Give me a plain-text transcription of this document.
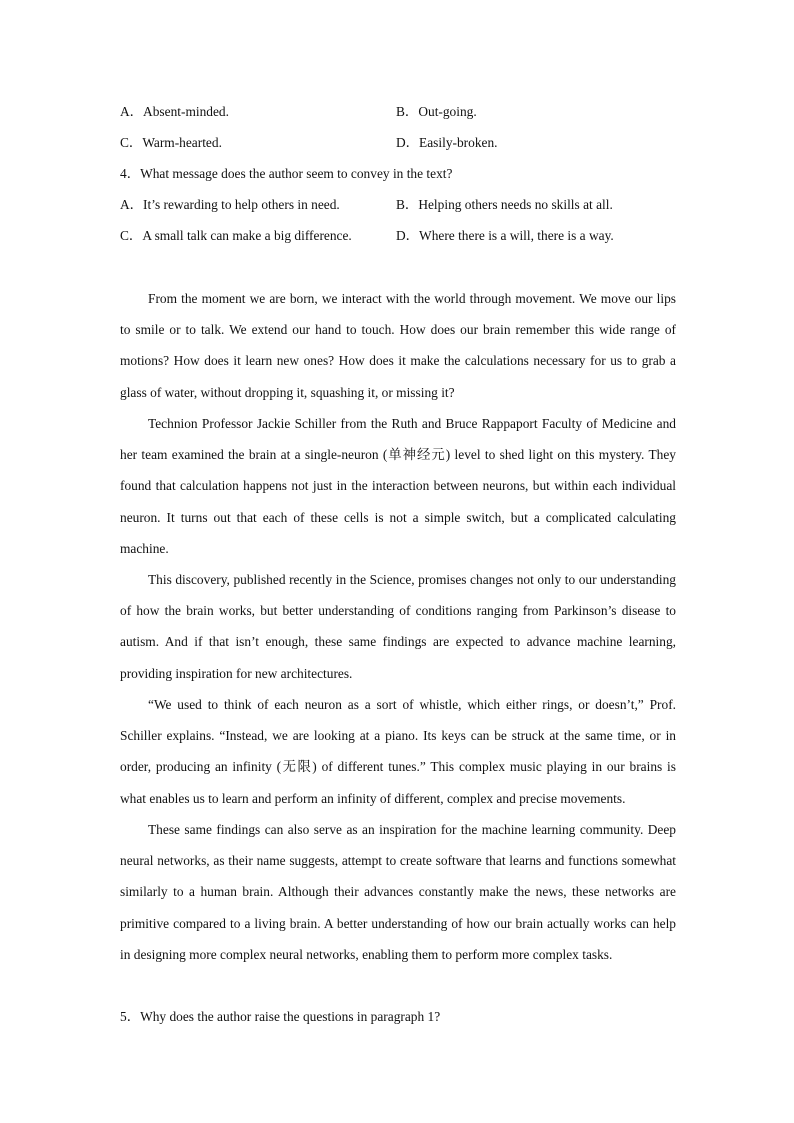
A．Absent-minded.	B．Out-going.
C．Warm-hearted.	D．Easily-broken.
4．What message does the author seem to convey in the text?
A．It’s rewarding to help others in need.	B．Helping others needs no skills at all.
C．A small talk can make a big difference.	D．Where there is a will, there is a way.

From the moment we are born, we interact with the world through movement. We move our lips to smile or to talk. We extend our hand to touch. How does our brain remember this wide range of motions? How does it learn new ones? How does it make the calculations necessary for us to grab a glass of water, without dropping it, squashing it, or missing it?

Technion Professor Jackie Schiller from the Ruth and Bruce Rappaport Faculty of Medicine and her team examined the brain at a single-neuron (单神经元) level to shed light on this mystery. They found that calculation happens not just in the interaction between neurons, but within each individual neuron. It turns out that each of these cells is not a simple switch, but a complicated calculating machine.

This discovery, published recently in the Science, promises changes not only to our understanding of how the brain works, but better understanding of conditions ranging from Parkinson’s disease to autism. And if that isn’t enough, these same findings are expected to advance machine learning, providing inspiration for new architectures.

“We used to think of each neuron as a sort of whistle, which either rings, or doesn’t,” Prof. Schiller explains. “Instead, we are looking at a piano. Its keys can be struck at the same time, or in order, producing an infinity (无限) of different tunes.” This complex music playing in our brains is what enables us to learn and perform an infinity of different, complex and precise movements.

These same findings can also serve as an inspiration for the machine learning community. Deep neural networks, as their name suggests, attempt to create software that learns and functions somewhat similarly to a human brain. Although their advances constantly make the news, these networks are primitive compared to a living brain. A better understanding of how our brain actually works can help in designing more complex neural networks, enabling them to perform more complex tasks.

5．Why does the author raise the questions in paragraph 1?
